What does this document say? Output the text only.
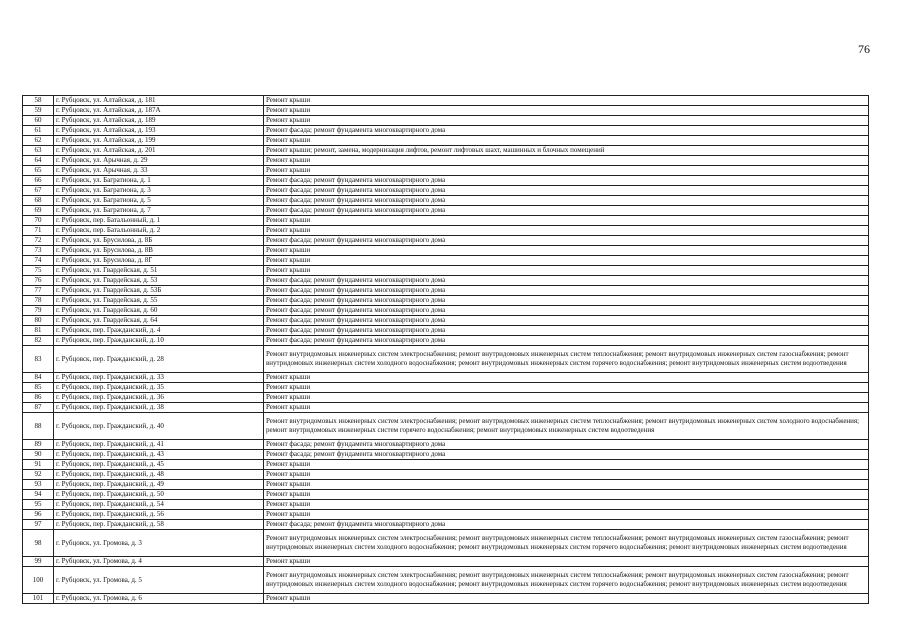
76
58	г. Рубцовск, ул. Алтайская, д. 181	Ремонт крыши
59	г. Рубцовск, ул. Алтайская, д. 187А	Ремонт крыши
60	г. Рубцовск, ул. Алтайская, д. 189	Ремонт крыши
61	г. Рубцовск, ул. Алтайская, д. 193	Ремонт фасада; ремонт фундамента многоквартирного дома
62	г. Рубцовск, ул. Алтайская, д. 199	Ремонт крыши
63	г. Рубцовск, ул. Алтайская, д. 201	Ремонт крыши; ремонт, замена, модернизация лифтов, ремонт лифтовых шахт, машинных и блочных помещений
64	г. Рубцовск, ул. Арычная, д. 29	Ремонт крыши
65	г. Рубцовск, ул. Арычная, д. 33	Ремонт крыши
66	г. Рубцовск, ул. Багратиона, д. 1	Ремонт фасада; ремонт фундамента многоквартирного дома
67	г. Рубцовск, ул. Багратиона, д. 3	Ремонт фасада; ремонт фундамента многоквартирного дома
68	г. Рубцовск, ул. Багратиона, д. 5	Ремонт фасада; ремонт фундамента многоквартирного дома
69	г. Рубцовск, ул. Багратиона, д. 7	Ремонт фасада; ремонт фундамента многоквартирного дома
70	г. Рубцовск, пер. Батальонный, д. 1	Ремонт крыши
71	г. Рубцовск, пер. Батальонный, д. 2	Ремонт крыши
72	г. Рубцовск, ул. Брусилова, д. 8Б	Ремонт фасада; ремонт фундамента многоквартирного дома
73	г. Рубцовск, ул. Брусилова, д. 8В	Ремонт крыши
74	г. Рубцовск, ул. Брусилова, д. 8Г	Ремонт крыши
75	г. Рубцовск, ул. Гвардейская, д. 51	Ремонт крыши
76	г. Рубцовск, ул. Гвардейская, д. 53	Ремонт фасада; ремонт фундамента многоквартирного дома
77	г. Рубцовск, ул. Гвардейская, д. 53Б	Ремонт фасада; ремонт фундамента многоквартирного дома
78	г. Рубцовск, ул. Гвардейская, д. 55	Ремонт фасада; ремонт фундамента многоквартирного дома
79	г. Рубцовск, ул. Гвардейская, д. 60	Ремонт фасада; ремонт фундамента многоквартирного дома
80	г. Рубцовск, ул. Гвардейская, д. 64	Ремонт фасада; ремонт фундамента многоквартирного дома
81	г. Рубцовск, пер. Гражданский, д. 4	Ремонт фасада; ремонт фундамента многоквартирного дома
82	г. Рубцовск, пер. Гражданский, д. 10	Ремонт фасада; ремонт фундамента многоквартирного дома
83	г. Рубцовск, пер. Гражданский, д. 28	Ремонт внутридомовых инженерных систем электроснабжения; ремонт внутридомовых инженерных систем теплоснабжения; ремонт внутридомовых инженерных систем газоснабжения; ремонт внутридомовых инженерных систем холодного водоснабжения; ремонт внутридомовых инженерных систем горячего водоснабжения; ремонт внутридомовых инженерных систем водоотведения
84	г. Рубцовск, пер. Гражданский, д. 33	Ремонт крыши
85	г. Рубцовск, пер. Гражданский, д. 35	Ремонт крыши
86	г. Рубцовск, пер. Гражданский, д. 36	Ремонт крыши
87	г. Рубцовск, пер. Гражданский, д. 38	Ремонт крыши
88	г. Рубцовск, пер. Гражданский, д. 40	Ремонт внутридомовых инженерных систем электроснабжения; ремонт внутридомовых инженерных систем теплоснабжения; ремонт внутридомовых инженерных систем холодного водоснабжения; ремонт внутридомовых инженерных систем горячего водоснабжения; ремонт внутридомовых инженерных систем водоотведения
89	г. Рубцовск, пер. Гражданский, д. 41	Ремонт фасада; ремонт фундамента многоквартирного дома
90	г. Рубцовск, пер. Гражданский, д. 43	Ремонт фасада; ремонт фундамента многоквартирного дома
91	г. Рубцовск, пер. Гражданский, д. 45	Ремонт крыши
92	г. Рубцовск, пер. Гражданский, д. 48	Ремонт крыши
93	г. Рубцовск, пер. Гражданский, д. 49	Ремонт крыши
94	г. Рубцовск, пер. Гражданский, д. 50	Ремонт крыши
95	г. Рубцовск, пер. Гражданский, д. 54	Ремонт крыши
96	г. Рубцовск, пер. Гражданский, д. 56	Ремонт крыши
97	г. Рубцовск, пер. Гражданский, д. 58	Ремонт фасада; ремонт фундамента многоквартирного дома
98	г. Рубцовск, ул. Громова, д. 3	Ремонт внутридомовых инженерных систем электроснабжения; ремонт внутридомовых инженерных систем теплоснабжения; ремонт внутридомовых инженерных систем газоснабжения; ремонт внутридомовых инженерных систем холодного водоснабжения; ремонт внутридомовых инженерных систем горячего водоснабжения; ремонт внутридомовых инженерных систем водоотведения
99	г. Рубцовск, ул. Громова, д. 4	Ремонт крыши
100	г. Рубцовск, ул. Громова, д. 5	Ремонт внутридомовых инженерных систем электроснабжения; ремонт внутридомовых инженерных систем теплоснабжения; ремонт внутридомовых инженерных систем газоснабжения; ремонт внутридомовых инженерных систем холодного водоснабжения; ремонт внутридомовых инженерных систем горячего водоснабжения; ремонт внутридомовых инженерных систем водоотведения
101	г. Рубцовск, ул. Громова, д. 6	Ремонт крыши
